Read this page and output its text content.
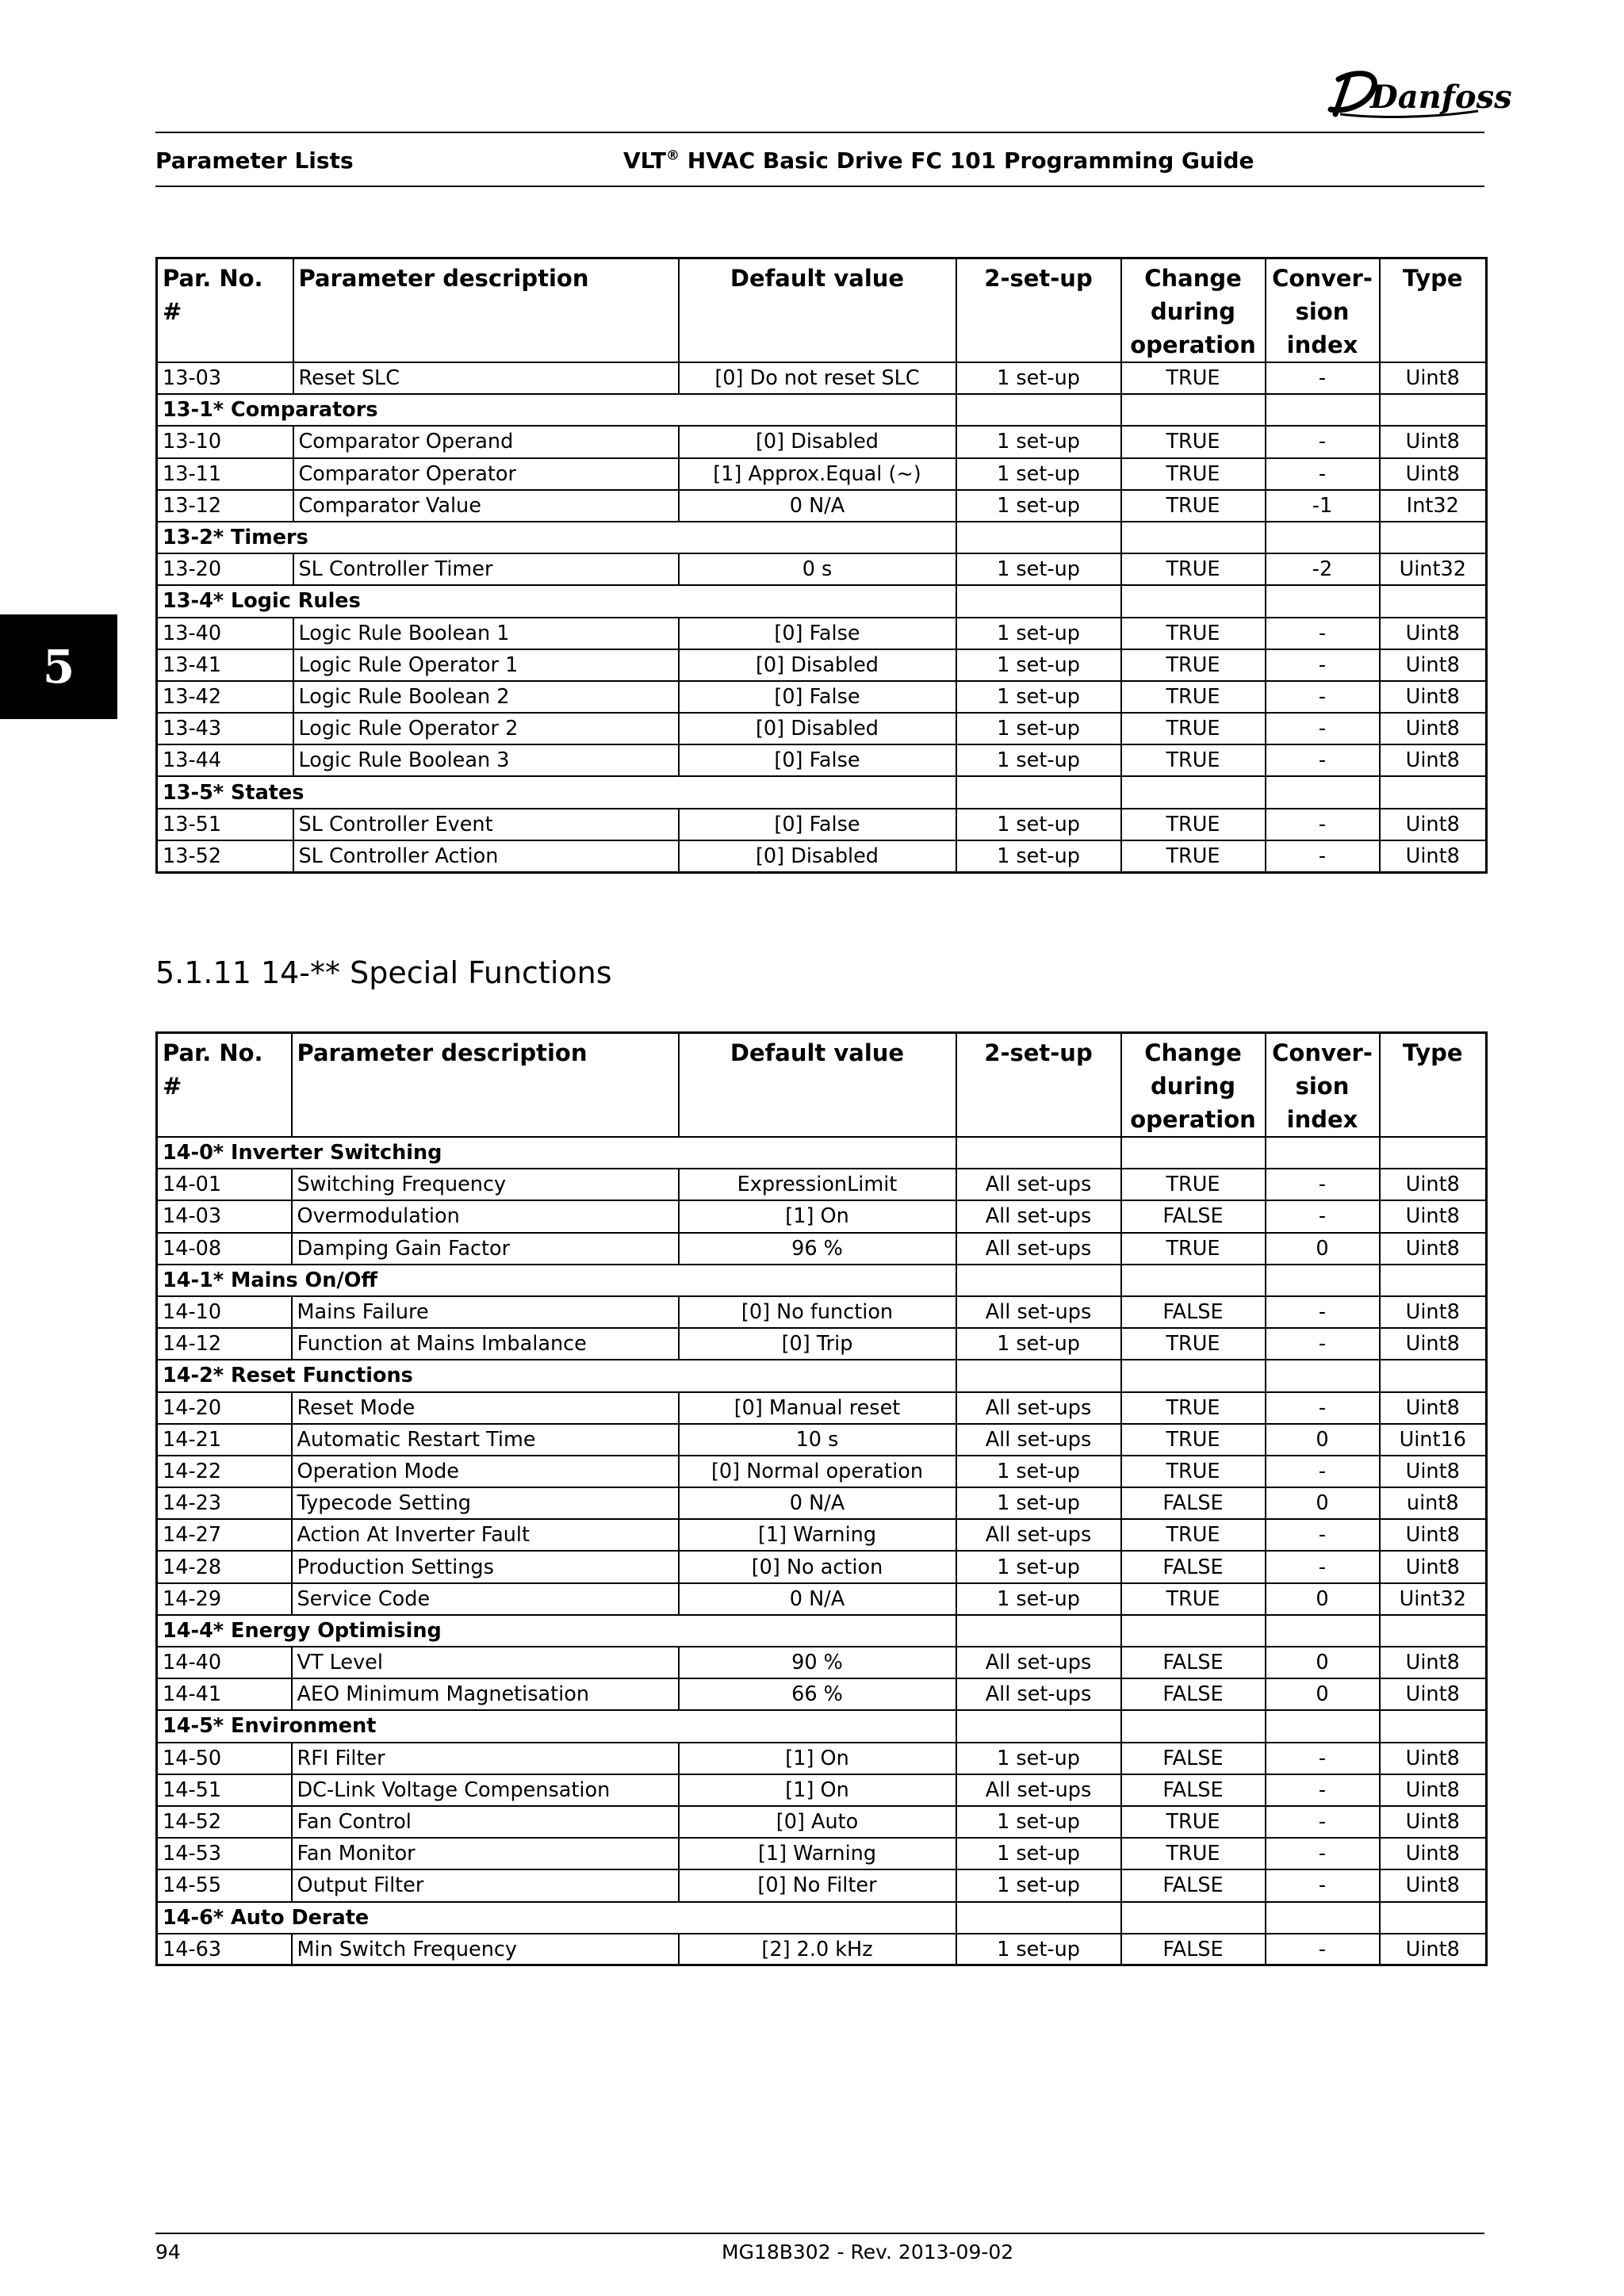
Danfoss
Parameter Lists	VLT® HVAC Basic Drive FC 101 Programming Guide
5
Par. No. #	Parameter description	Default value	2-set-up	Change during operation	Conver- sion index	Type
13-03	Reset SLC	[0] Do not reset SLC	1 set-up	TRUE	-	Uint8
13-1* Comparators						
13-10	Comparator Operand	[0] Disabled	1 set-up	TRUE	-	Uint8
13-11	Comparator Operator	[1] Approx.Equal (~)	1 set-up	TRUE	-	Uint8
13-12	Comparator Value	0 N/A	1 set-up	TRUE	-1	Int32
13-2* Timers						
13-20	SL Controller Timer	0 s	1 set-up	TRUE	-2	Uint32
13-4* Logic Rules						
13-40	Logic Rule Boolean 1	[0] False	1 set-up	TRUE	-	Uint8
13-41	Logic Rule Operator 1	[0] Disabled	1 set-up	TRUE	-	Uint8
13-42	Logic Rule Boolean 2	[0] False	1 set-up	TRUE	-	Uint8
13-43	Logic Rule Operator 2	[0] Disabled	1 set-up	TRUE	-	Uint8
13-44	Logic Rule Boolean 3	[0] False	1 set-up	TRUE	-	Uint8
13-5* States						
13-51	SL Controller Event	[0] False	1 set-up	TRUE	-	Uint8
13-52	SL Controller Action	[0] Disabled	1 set-up	TRUE	-	Uint8
5.1.11 14-** Special Functions
Par. No. #	Parameter description	Default value	2-set-up	Change during operation	Conver- sion index	Type
14-0* Inverter Switching						
14-01	Switching Frequency	ExpressionLimit	All set-ups	TRUE	-	Uint8
14-03	Overmodulation	[1] On	All set-ups	FALSE	-	Uint8
14-08	Damping Gain Factor	96 %	All set-ups	TRUE	0	Uint8
14-1* Mains On/Off						
14-10	Mains Failure	[0] No function	All set-ups	FALSE	-	Uint8
14-12	Function at Mains Imbalance	[0] Trip	1 set-up	TRUE	-	Uint8
14-2* Reset Functions						
14-20	Reset Mode	[0] Manual reset	All set-ups	TRUE	-	Uint8
14-21	Automatic Restart Time	10 s	All set-ups	TRUE	0	Uint16
14-22	Operation Mode	[0] Normal operation	1 set-up	TRUE	-	Uint8
14-23	Typecode Setting	0 N/A	1 set-up	FALSE	0	uint8
14-27	Action At Inverter Fault	[1] Warning	All set-ups	TRUE	-	Uint8
14-28	Production Settings	[0] No action	1 set-up	FALSE	-	Uint8
14-29	Service Code	0 N/A	1 set-up	TRUE	0	Uint32
14-4* Energy Optimising						
14-40	VT Level	90 %	All set-ups	FALSE	0	Uint8
14-41	AEO Minimum Magnetisation	66 %	All set-ups	FALSE	0	Uint8
14-5* Environment						
14-50	RFI Filter	[1] On	1 set-up	FALSE	-	Uint8
14-51	DC-Link Voltage Compensation	[1] On	All set-ups	FALSE	-	Uint8
14-52	Fan Control	[0] Auto	1 set-up	TRUE	-	Uint8
14-53	Fan Monitor	[1] Warning	1 set-up	TRUE	-	Uint8
14-55	Output Filter	[0] No Filter	1 set-up	FALSE	-	Uint8
14-6* Auto Derate						
14-63	Min Switch Frequency	[2] 2.0 kHz	1 set-up	FALSE	-	Uint8
94	MG18B302 - Rev. 2013-09-02
